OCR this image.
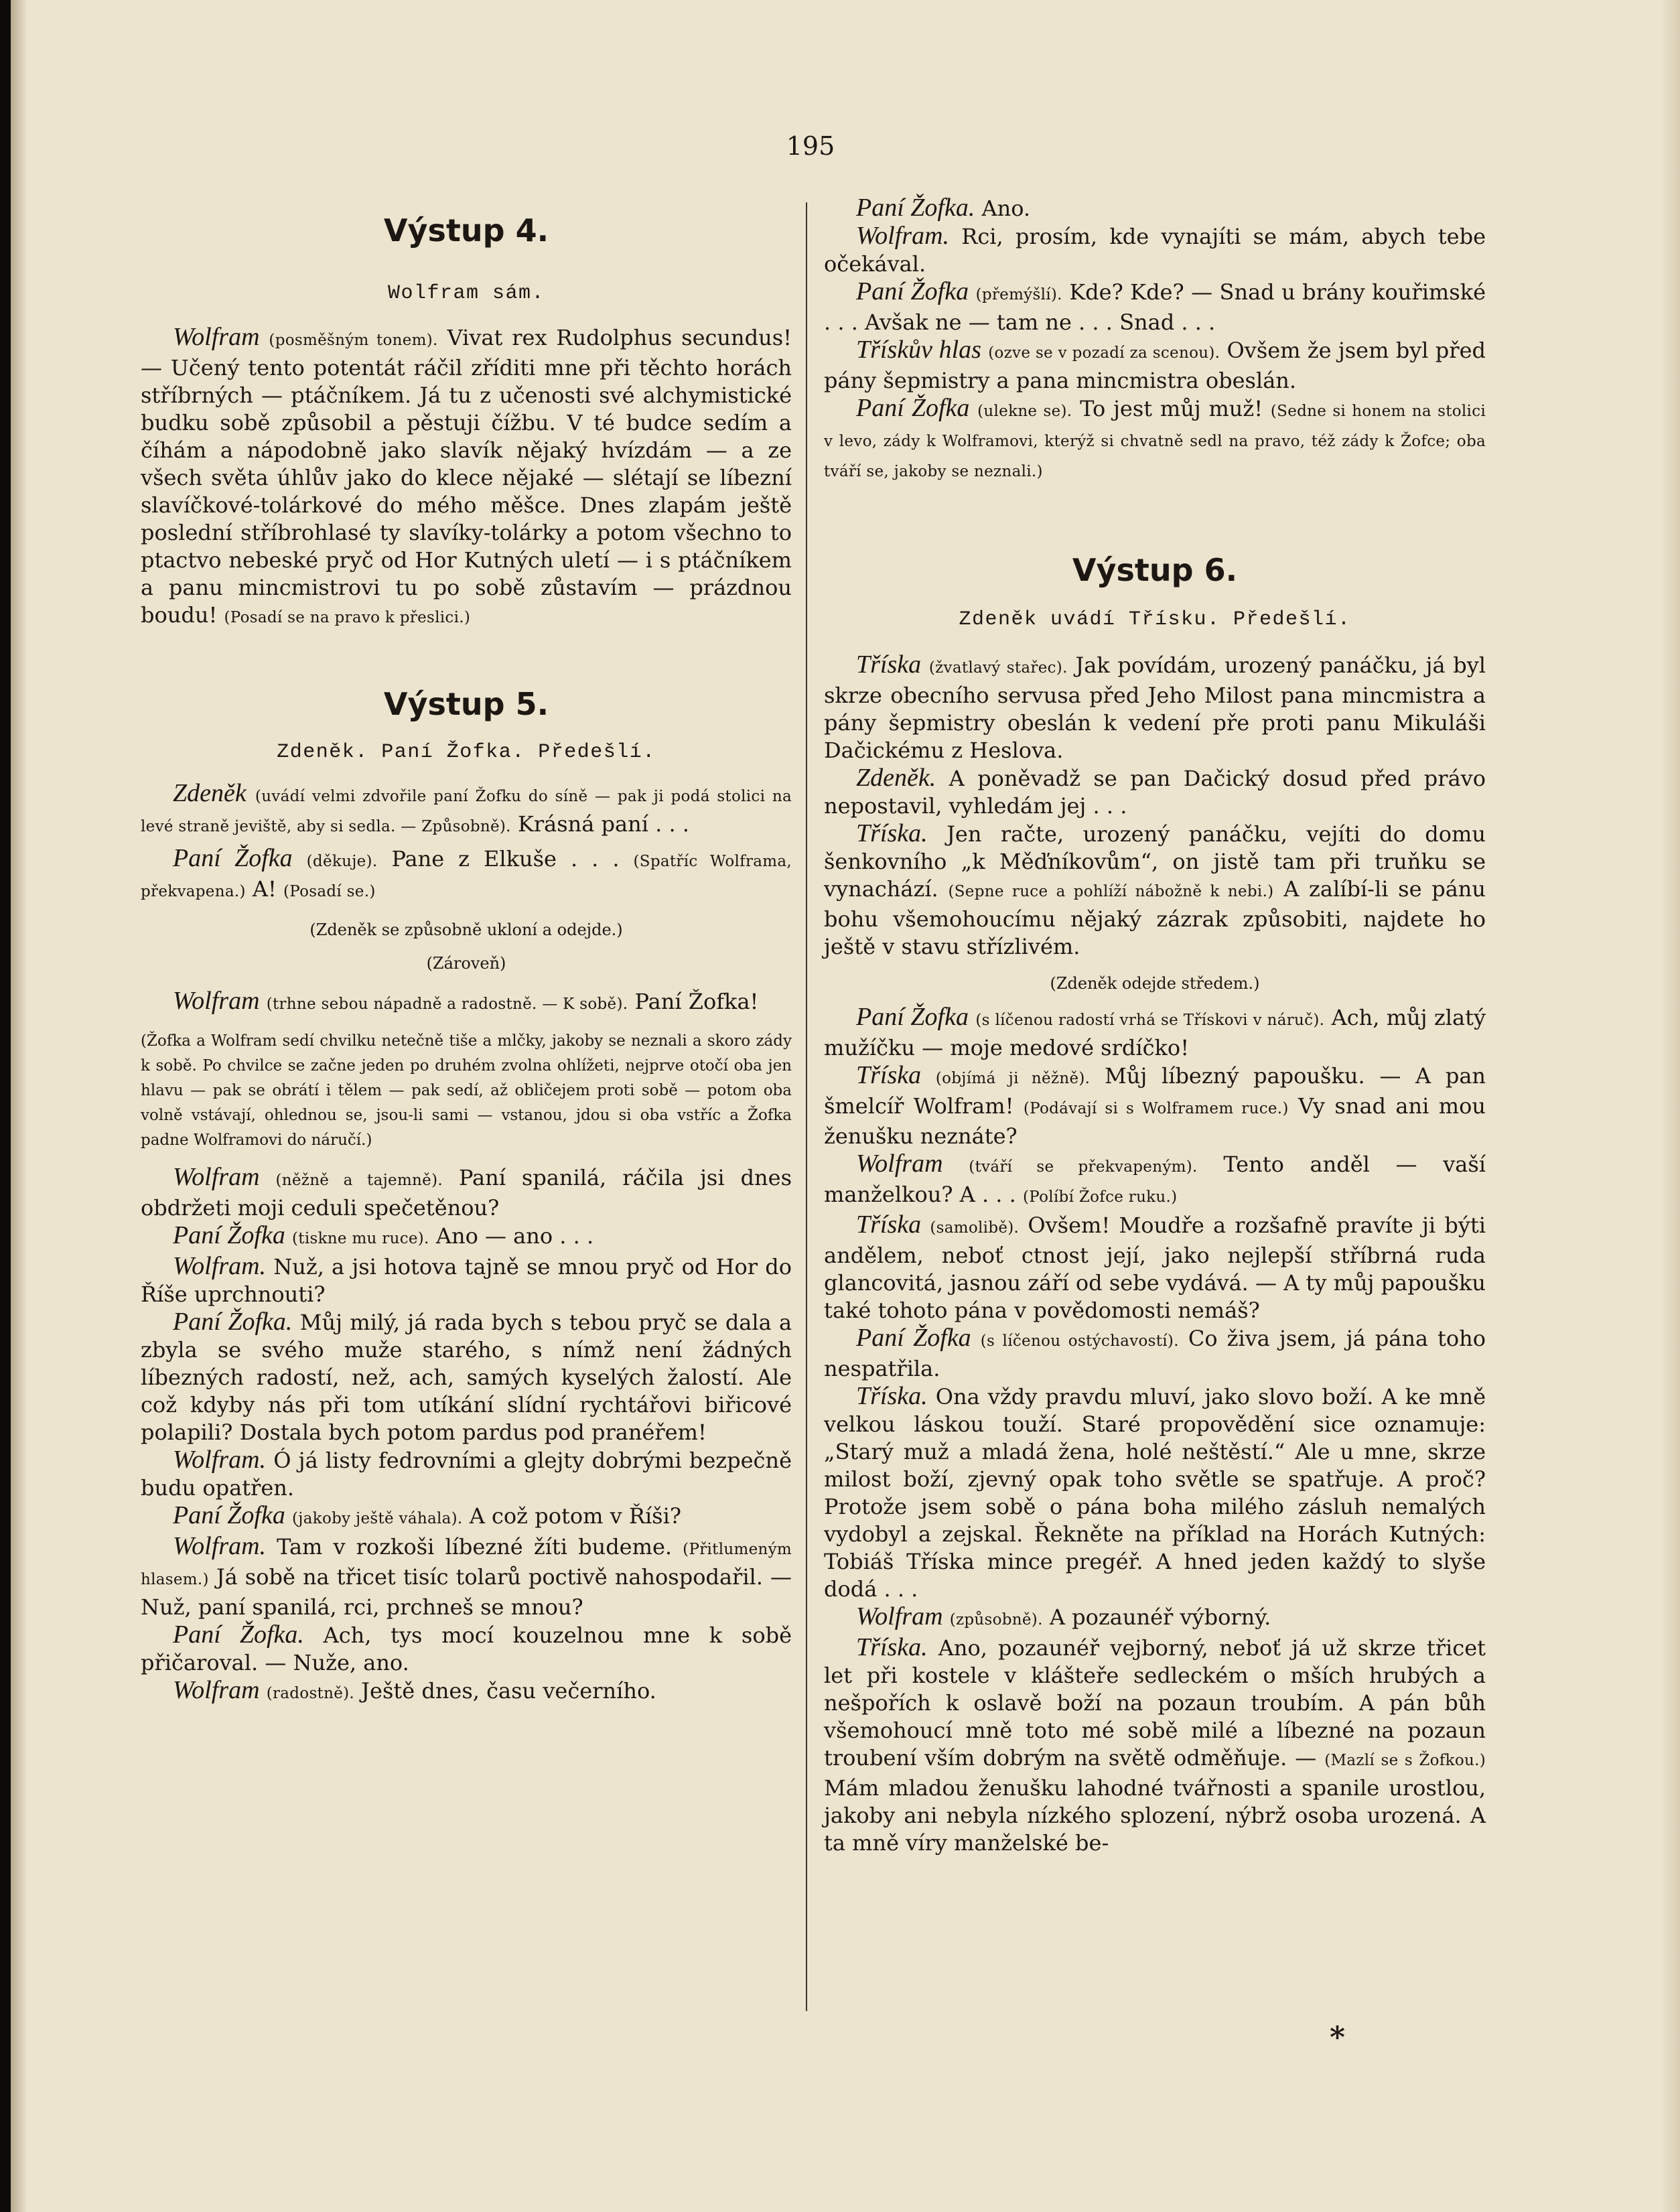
195
Výstup 4.

Wolfram sám.

Wolfram (posměšným tonem). Vivat rex Rudolphus secundus! — Učený tento potentát ráčil zříditi mne při těchto horách stříbrných — ptáčníkem. Já tu z učenosti své alchymistické budku sobě způsobil a pěstuji čížbu. V té budce sedím a číhám a nápodobně jako slavík nějaký hvízdám — a ze všech světa úhlův jako do klece nějaké — slétají se líbezní slavíčkové-tolárkové do mého měšce. Dnes zlapám ještě poslední stříbrohlasé ty slavíky-tolárky a potom všechno to ptactvo nebeské pryč od Hor Kutných uletí — i s ptáčníkem a panu mincmistrovi tu po sobě zůstavím — prázdnou boudu! (Posadí se na pravo k přeslici.)

Výstup 5.

Zdeněk. Paní Žofka. Předešlí.

Zdeněk (uvádí velmi zdvořile paní Žofku do síně — pak ji podá stolici na levé straně jeviště, aby si sedla. — Způsobně). Krásná paní . . .

Paní Žofka (děkuje). Pane z Elkuše . . . (Spatříc Wolframa, překvapena.) A! (Posadí se.)

(Zdeněk se způsobně ukloní a odejde.)

(Zároveň)

Wolfram (trhne sebou nápadně a radostně. — K sobě). Paní Žofka!

(Žofka a Wolfram sedí chvilku netečně tiše a mlčky, jakoby se neznali a skoro zády k sobě. Po chvilce se začne jeden po druhém zvolna ohlížeti, nejprve otočí oba jen hlavu — pak se obrátí i tělem — pak sedí, až obličejem proti sobě — potom oba volně vstávají, ohlednou se, jsou-li sami — vstanou, jdou si oba vstříc a Žofka padne Wolframovi do náručí.)

Wolfram (něžně a tajemně). Paní spanilá, ráčila jsi dnes obdržeti moji ceduli spečetěnou?

Paní Žofka (tiskne mu ruce). Ano — ano . . .

Wolfram. Nuž, a jsi hotova tajně se mnou pryč od Hor do Říše uprchnouti?

Paní Žofka. Můj milý, já rada bych s tebou pryč se dala a zbyla se svého muže starého, s nímž není žádných líbezných radostí, než, ach, samých kyselých žalostí. Ale což kdyby nás při tom utíkání slídní rychtářovi biřicové polapili? Dostala bych potom pardus pod pranéřem!

Wolfram. Ó já listy fedrovními a glejty dobrými bezpečně budu opatřen.

Paní Žofka (jakoby ještě váhala). A což potom v Říši?

Wolfram. Tam v rozkoši líbezné žíti budeme. (Přitlumeným hlasem.) Já sobě na třicet tisíc tolarů poctivě nahospodařil. — Nuž, paní spanilá, rci, prchneš se mnou?

Paní Žofka. Ach, tys mocí kouzelnou mne k sobě přičaroval. — Nuže, ano.

Wolfram (radostně). Ještě dnes, času večerního.

Paní Žofka. Ano.

Wolfram. Rci, prosím, kde vynajíti se mám, abych tebe očekával.

Paní Žofka (přemýšlí). Kde? Kde? — Snad u brány kouřimské . . . Avšak ne — tam ne . . . Snad . . .

Třískův hlas (ozve se v pozadí za scenou). Ovšem že jsem byl před pány šepmistry a pana mincmistra obeslán.

Paní Žofka (ulekne se). To jest můj muž! (Sedne si honem na stolici v levo, zády k Wolframovi, kterýž si chvatně sedl na pravo, též zády k Žofce; oba tváří se, jakoby se neznali.)

Výstup 6.

Zdeněk uvádí Třísku. Předešlí.

Tříska (žvatlavý stařec). Jak povídám, urozený panáčku, já byl skrze obecního servusa před Jeho Milost pana mincmistra a pány šepmistry obeslán k vedení pře proti panu Mikuláši Dačickému z Heslova.

Zdeněk. A poněvadž se pan Dačický dosud před právo nepostavil, vyhledám jej . . .

Tříska. Jen račte, urozený panáčku, vejíti do domu šenkovního „k Měďníkovům“, on jistě tam při truňku se vynachází. (Sepne ruce a pohlíží nábožně k nebi.) A zalíbí-li se pánu bohu všemohoucímu nějaký zázrak způsobiti, najdete ho ještě v stavu střízlivém.

(Zdeněk odejde středem.)

Paní Žofka (s líčenou radostí vrhá se Třískovi v náruč). Ach, můj zlatý mužíčku — moje medové srdíčko!

Tříska (objímá ji něžně). Můj líbezný papoušku. — A pan šmelcíř Wolfram! (Podávají si s Wolframem ruce.) Vy snad ani mou ženušku neznáte?

Wolfram (tváří se překvapeným). Tento anděl — vaší manželkou? A . . . (Políbí Žofce ruku.)

Tříska (samolibě). Ovšem! Moudře a rozšafně pravíte ji býti andělem, neboť ctnost její, jako nejlepší stříbrná ruda glancovitá, jasnou září od sebe vydává. — A ty můj papoušku také tohoto pána v povědomosti nemáš?

Paní Žofka (s líčenou ostýchavostí). Co živa jsem, já pána toho nespatřila.

Tříska. Ona vždy pravdu mluví, jako slovo boží. A ke mně velkou láskou touží. Staré propovědění sice oznamuje: „Starý muž a mladá žena, holé neštěstí.“ Ale u mne, skrze milost boží, zjevný opak toho světle se spatřuje. A proč? Protože jsem sobě o pána boha milého zásluh nemalých vydobyl a zejskal. Řekněte na příklad na Horách Kutných: Tobiáš Tříska mince pregéř. A hned jeden každý to slyše dodá . . .

Wolfram (způsobně). A pozaunéř výborný.

Tříska. Ano, pozaunéř vejborný, neboť já už skrze třicet let při kostele v klášteře sedleckém o mších hrubých a nešpořích k oslavě boží na pozaun troubím. A pán bůh všemohoucí mně toto mé sobě milé a líbezné na pozaun troubení vším dobrým na světě odměňuje. — (Mazlí se s Žofkou.) Mám mladou ženušku lahodné tvářnosti a spanile urostlou, jakoby ani nebyla nízkého splození, nýbrž osoba urozená. A ta mně víry manželské be-

*
